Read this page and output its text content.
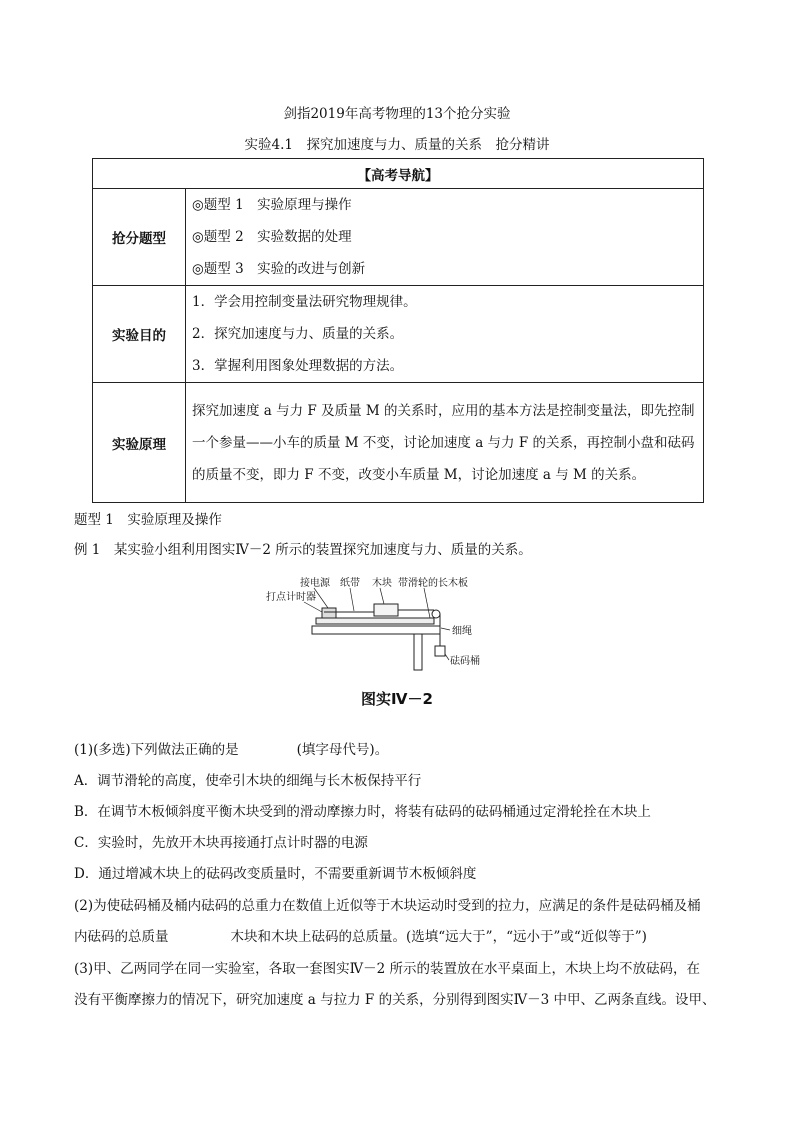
剑指2019年高考物理的13个抢分实验
实验4.1　探究加速度与力、质量的关系　抢分精讲
【高考导航】	
抢分题型	◎题型 1　实验原理与操作
◎题型 2　实验数据的处理
◎题型 3　实验的改进与创新

实验目的	1．学会用控制变量法研究物理规律。
2．探究加速度与力、质量的关系。
3．掌握利用图象处理数据的方法。

实验原理	探究加速度 a 与力 F 及质量 M 的关系时，应用的基本方法是控制变量法，即先控制
一个参量——小车的质量 M 不变，讨论加速度 a 与力 F 的关系，再控制小盘和砝码
的质量不变，即力 F 不变，改变小车质量 M，讨论加速度 a 与 M 的关系。
题型 1　实验原理及操作
例 1　某实验小组利用图实Ⅳ－2 所示的装置探究加速度与力、质量的关系。
接电源 纸带 木块 带滑轮的长木板
打点计时器
细绳
砝码桶
图实Ⅳ－2
(1)(多选)下列做法正确的是	(填字母代号)。
A．调节滑轮的高度，使牵引木块的细绳与长木板保持平行
B．在调节木板倾斜度平衡木块受到的滑动摩擦力时，将装有砝码的砝码桶通过定滑轮拴在木块上
C．实验时，先放开木块再接通打点计时器的电源
D．通过增减木块上的砝码改变质量时，不需要重新调节木板倾斜度
(2)为使砝码桶及桶内砝码的总重力在数值上近似等于木块运动时受到的拉力，应满足的条件是砝码桶及桶
内砝码的总质量	木块和木块上砝码的总质量。(选填“远大于”，“远小于”或“近似等于”)
(3)甲、乙两同学在同一实验室，各取一套图实Ⅳ－2 所示的装置放在水平桌面上，木块上均不放砝码，在
没有平衡摩擦力的情况下，研究加速度 a 与拉力 F 的关系，分别得到图实Ⅳ－3 中甲、乙两条直线。设甲、
